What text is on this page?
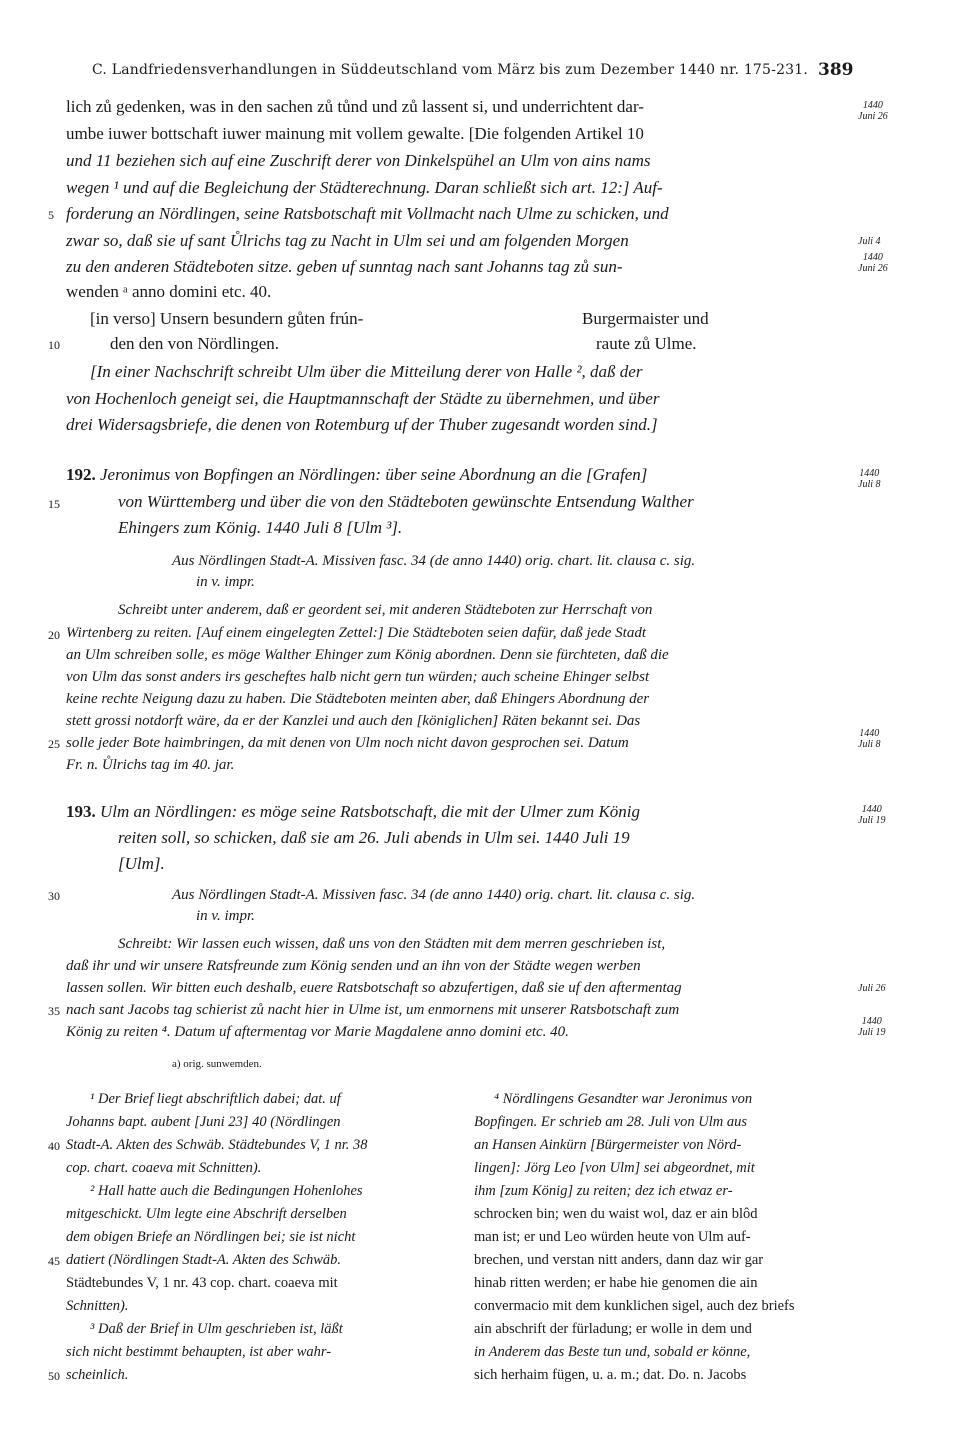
C. Landfriedensverhandlungen in Süddeutschland vom März bis zum Dezember 1440 nr. 175-231. 389
lich zů gedenken, was in den sachen zů tůnd und zů lassent si, und underrichtent dar-
umbe iuwer bottschaft iuwer mainung mit vollem gewalte. [Die folgenden Artikel 10
und 11 beziehen sich auf eine Zuschrift derer von Dinkelspühel an Ulm von ains nams
wegen ¹ und auf die Begleichung der Städterechnung. Daran schließt sich art. 12:] Auf-
forderung an Nördlingen, seine Ratsbotschaft mit Vollmacht nach Ulme zu schicken, und
zwar so, daß sie uf sant Ůlrichs tag zu Nacht in Ulm sei und am folgenden Morgen
zu den anderen Städteboten sitze. geben uf sunntag nach sant Johanns tag zů sun-
wenden ᵃ anno domini etc. 40.
[in verso] Unsern besundern gůten frún-
den den von Nördlingen.
Burgermaister und
raute zů Ulme.
[In einer Nachschrift schreibt Ulm über die Mitteilung derer von Halle ², daß der
von Hochenloch geneigt sei, die Hauptmannschaft der Städte zu übernehmen, und über
drei Widersagsbriefe, die denen von Rotemburg uf der Thuber zugesandt worden sind.]
192. Jeronimus von Bopfingen an Nördlingen: über seine Abordnung an die [Grafen]
von Württemberg und über die von den Städteboten gewünschte Entsendung Walther
Ehingers zum König. 1440 Juli 8 [Ulm ³].
Aus Nördlingen Stadt-A. Missiven fasc. 34 (de anno 1440) orig. chart. lit. clausa c. sig.
in v. impr.
Schreibt unter anderem, daß er geordent sei, mit anderen Städteboten zur Herrschaft von
Wirtenberg zu reiten. [Auf einem eingelegten Zettel:] Die Städteboten seien dafür, daß jede Stadt
an Ulm schreiben solle, es möge Walther Ehinger zum König abordnen. Denn sie fürchteten, daß die
von Ulm das sonst anders irs gescheftes halb nicht gern tun würden; auch scheine Ehinger selbst
keine rechte Neigung dazu zu haben. Die Städteboten meinten aber, daß Ehingers Abordnung der
stett grossi notdorft wäre, da er der Kanzlei und auch den [königlichen] Räten bekannt sei. Das
solle jeder Bote haimbringen, da mit denen von Ulm noch nicht davon gesprochen sei. Datum
Fr. n. Ůlrichs tag im 40. jar.
193. Ulm an Nördlingen: es möge seine Ratsbotschaft, die mit der Ulmer zum König
reiten soll, so schicken, daß sie am 26. Juli abends in Ulm sei. 1440 Juli 19
[Ulm].
Aus Nördlingen Stadt-A. Missiven fasc. 34 (de anno 1440) orig. chart. lit. clausa c. sig.
in v. impr.
Schreibt: Wir lassen euch wissen, daß uns von den Städten mit dem merren geschrieben ist,
daß ihr und wir unsere Ratsfreunde zum König senden und an ihn von der Städte wegen werben
lassen sollen. Wir bitten euch deshalb, euere Ratsbotschaft so abzufertigen, daß sie uf den aftermentag
nach sant Jacobs tag schierist zů nacht hier in Ulme ist, um enmornens mit unserer Ratsbotschaft zum
König zu reiten ⁴. Datum uf aftermentag vor Marie Magdalene anno domini etc. 40.
a) orig. sunwemden.
¹ Der Brief liegt abschriftlich dabei; dat. uf
Johanns bapt. aubent [Juni 23] 40 (Nördlingen
Stadt-A. Akten des Schwäb. Städtebundes V, 1 nr. 38
cop. chart. coaeva mit Schnitten).
² Hall hatte auch die Bedingungen Hohenlohes
mitgeschickt. Ulm legte eine Abschrift derselben
dem obigen Briefe an Nördlingen bei; sie ist nicht
datiert (Nördlingen Stadt-A. Akten des Schwäb.
Städtebundes V, 1 nr. 43 cop. chart. coaeva mit
Schnitten).
³ Daß der Brief in Ulm geschrieben ist, läßt
sich nicht bestimmt behaupten, ist aber wahr-
scheinlich.
⁴ Nördlingens Gesandter war Jeronimus von
Bopfingen. Er schrieb am 28. Juli von Ulm aus
an Hansen Ainkürn [Bürgermeister von Nörd-
lingen]: Jörg Leo [von Ulm] sei abgeordnet, mit
ihm [zum König] zu reiten; dez ich etwaz er-
schrocken bin; wen du waist wol, daz er ain blôd
man ist; er und Leo würden heute von Ulm auf-
brechen, und verstan nitt anders, dann daz wir gar
hinab ritten werden; er habe hie genomen die ain
convermacio mit dem kunklichen sigel, auch dez briefs
ain abschrift der fürladung; er wolle in dem und
in Anderem das Beste tun und, sobald er könne,
sich herhaim fügen, u. a. m.; dat. Do. n. Jacobs
5
10
15
20
25
30
35
40
45
50
1440
Juni 26
Juli 4
1440
Juni 26
1440
Juli 8
1440
Juli 8
1440
Juli 19
Juli 26
1440
Juli 19
